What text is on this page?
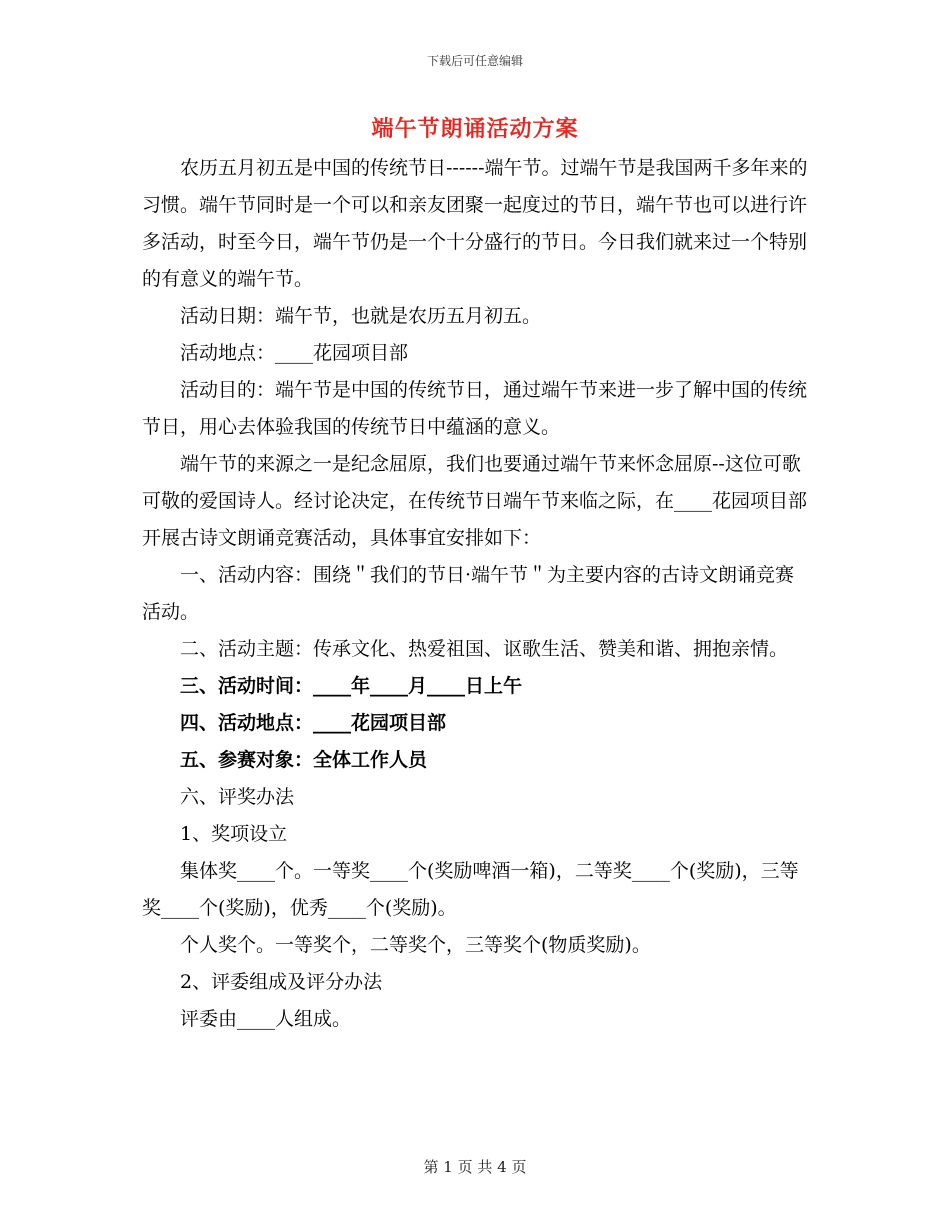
下载后可任意编辑
端午节朗诵活动方案

农历五月初五是中国的传统节日------端午节。过端午节是我国两千多年来的习惯。端午节同时是一个可以和亲友团聚一起度过的节日，端午节也可以进行许多活动，时至今日，端午节仍是一个十分盛行的节日。今日我们就来过一个特别的有意义的端午节。

活动日期：端午节，也就是农历五月初五。

活动地点：____花园项目部

活动目的：端午节是中国的传统节日，通过端午节来进一步了解中国的传统节日，用心去体验我国的传统节日中蕴涵的意义。

端午节的来源之一是纪念屈原，我们也要通过端午节来怀念屈原--这位可歌可敬的爱国诗人。经讨论决定，在传统节日端午节来临之际，在____花园项目部开展古诗文朗诵竞赛活动，具体事宜安排如下：

一、活动内容：围绕＂我们的节日·端午节＂为主要内容的古诗文朗诵竞赛活动。

二、活动主题：传承文化、热爱祖国、讴歌生活、赞美和谐、拥抱亲情。

三、活动时间：____年____月____日上午

四、活动地点：____花园项目部

五、参赛对象：全体工作人员

六、评奖办法

1、奖项设立

集体奖____个。一等奖____个(奖励啤酒一箱)，二等奖____个(奖励)，三等奖____个(奖励)，优秀____个(奖励)。

个人奖个。一等奖个，二等奖个，三等奖个(物质奖励)。

2、评委组成及评分办法

评委由____人组成。

第 1 页 共 4 页
